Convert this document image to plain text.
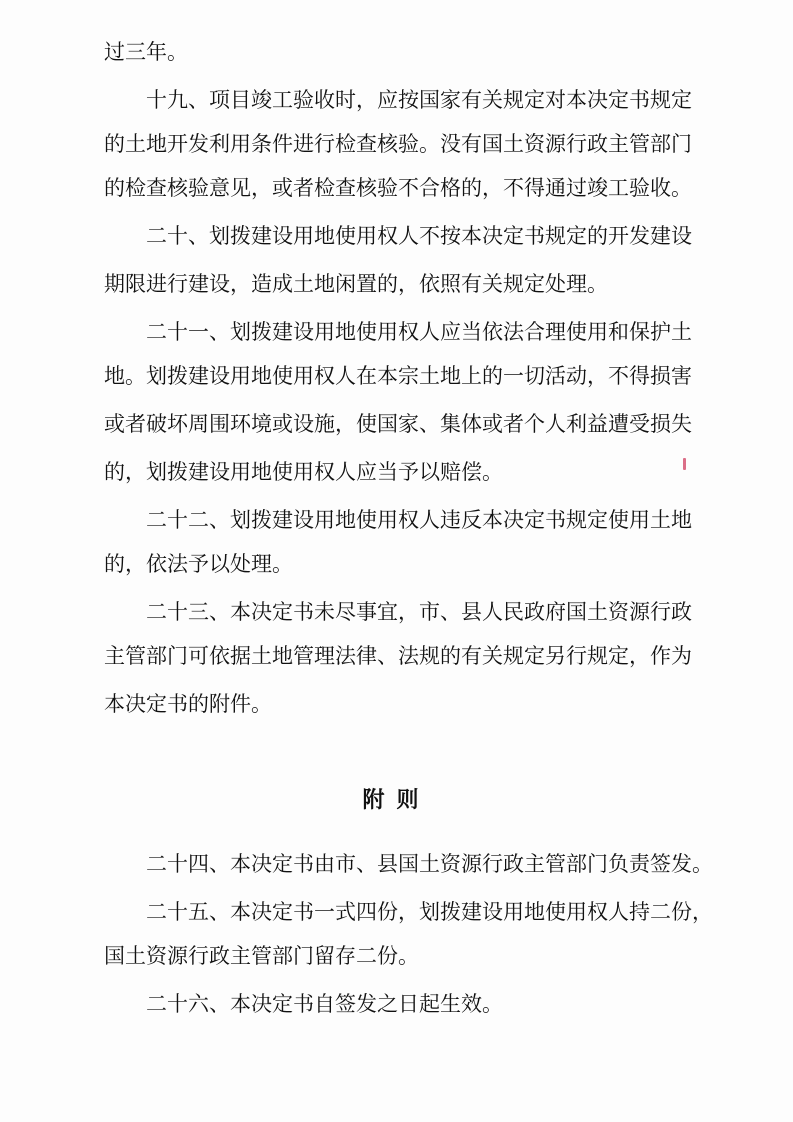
过三年。

十九、项目竣工验收时，应按国家有关规定对本决定书规定

的土地开发利用条件进行检查核验。没有国土资源行政主管部门

的检查核验意见，或者检查核验不合格的，不得通过竣工验收。

二十、划拨建设用地使用权人不按本决定书规定的开发建设

期限进行建设，造成土地闲置的，依照有关规定处理。

二十一、划拨建设用地使用权人应当依法合理使用和保护土

地。划拨建设用地使用权人在本宗土地上的一切活动，不得损害

或者破坏周围环境或设施，使国家、集体或者个人利益遭受损失

的，划拨建设用地使用权人应当予以赔偿。

二十二、划拨建设用地使用权人违反本决定书规定使用土地

的，依法予以处理。

二十三、本决定书未尽事宜，市、县人民政府国土资源行政

主管部门可依据土地管理法律、法规的有关规定另行规定，作为

本决定书的附件。

附则

二十四、本决定书由市、县国土资源行政主管部门负责签发。

二十五、本决定书一式四份，划拨建设用地使用权人持二份，

国土资源行政主管部门留存二份。

二十六、本决定书自签发之日起生效。
